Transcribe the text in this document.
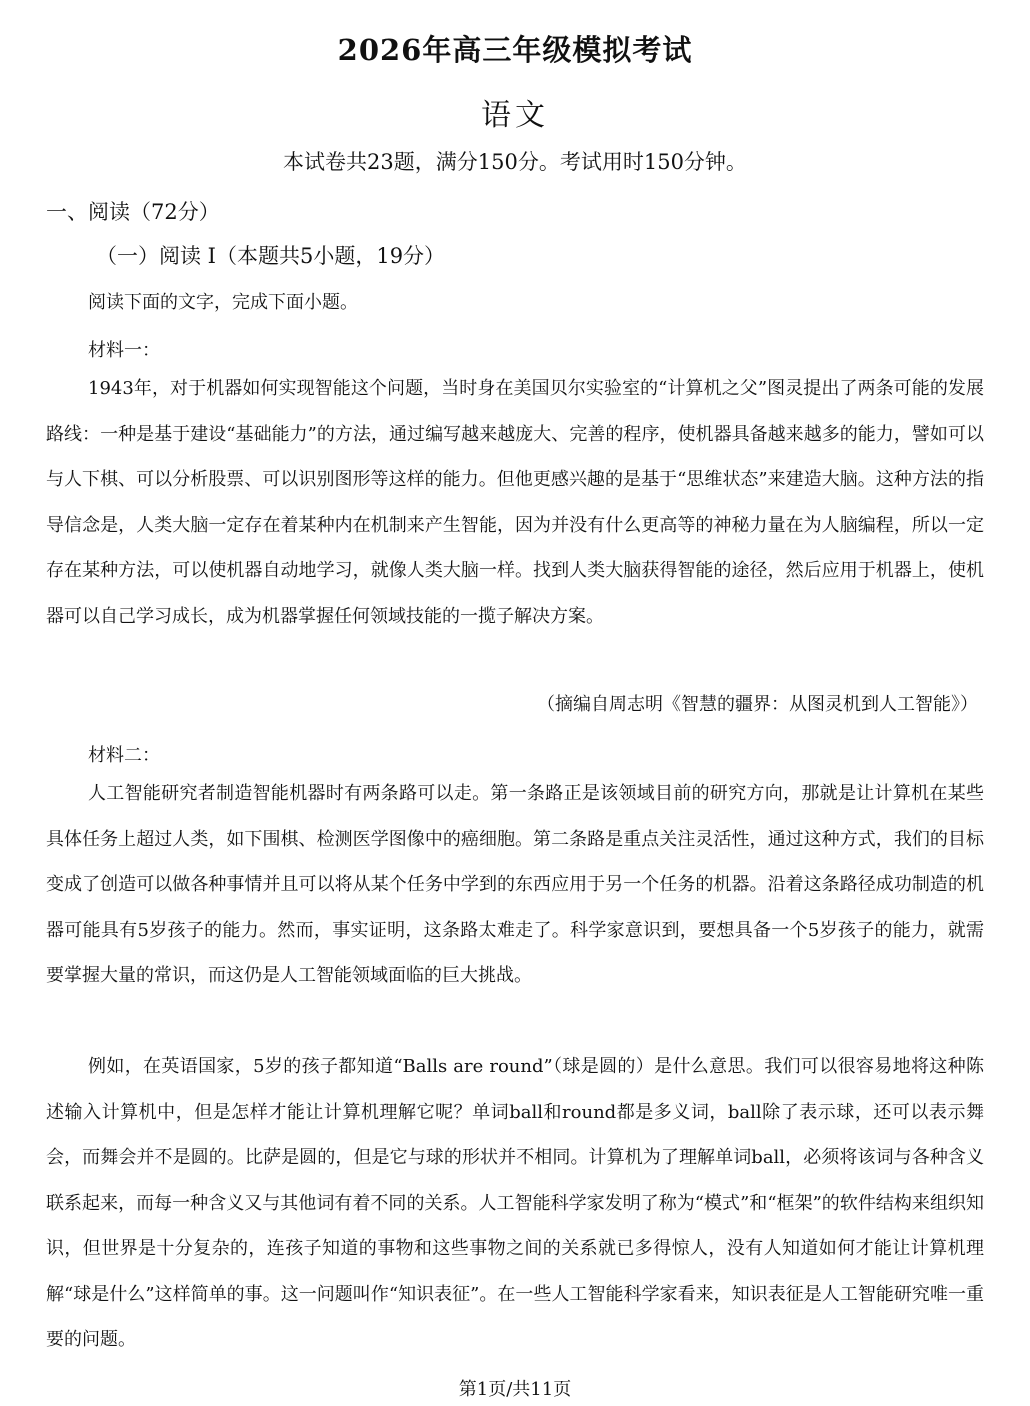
2026年高三年级模拟考试
语文
本试卷共23题，满分150分。考试用时150分钟。
一、阅读（72分）
（一）阅读 I（本题共5小题，19分）
阅读下面的文字，完成下面小题。
材料一：

1943年，对于机器如何实现智能这个问题，当时身在美国贝尔实验室的“计算机之父”图灵提出了两条可能的发展路线：一种是基于建设“基础能力”的方法，通过编写越来越庞大、完善的程序，使机器具备越来越多的能力，譬如可以与人下棋、可以分析股票、可以识别图形等这样的能力。但他更感兴趣的是基于“思维状态”来建造大脑。这种方法的指导信念是，人类大脑一定存在着某种内在机制来产生智能，因为并没有什么更高等的神秘力量在为人脑编程，所以一定存在某种方法，可以使机器自动地学习，就像人类大脑一样。找到人类大脑获得智能的途径，然后应用于机器上，使机器可以自己学习成长，成为机器掌握任何领域技能的一揽子解决方案。

（摘编自周志明《智慧的疆界：从图灵机到人工智能》）
材料二：

人工智能研究者制造智能机器时有两条路可以走。第一条路正是该领域目前的研究方向，那就是让计算机在某些具体任务上超过人类，如下围棋、检测医学图像中的癌细胞。第二条路是重点关注灵活性，通过这种方式，我们的目标变成了创造可以做各种事情并且可以将从某个任务中学到的东西应用于另一个任务的机器。沿着这条路径成功制造的机器可能具有5岁孩子的能力。然而，事实证明，这条路太难走了。科学家意识到，要想具备一个5岁孩子的能力，就需要掌握大量的常识，而这仍是人工智能领域面临的巨大挑战。

例如，在英语国家，5岁的孩子都知道“Balls are round”（球是圆的）是什么意思。我们可以很容易地将这种陈述输入计算机中，但是怎样才能让计算机理解它呢？单词ball和round都是多义词，ball除了表示球，还可以表示舞会，而舞会并不是圆的。比萨是圆的，但是它与球的形状并不相同。计算机为了理解单词ball，必须将该词与各种含义联系起来，而每一种含义又与其他词有着不同的关系。人工智能科学家发明了称为“模式”和“框架”的软件结构来组织知识，但世界是十分复杂的，连孩子知道的事物和这些事物之间的关系就已多得惊人，没有人知道如何才能让计算机理解“球是什么”这样简单的事。这一问题叫作“知识表征”。在一些人工智能科学家看来，知识表征是人工智能研究唯一重要的问题。

第1页/共11页
